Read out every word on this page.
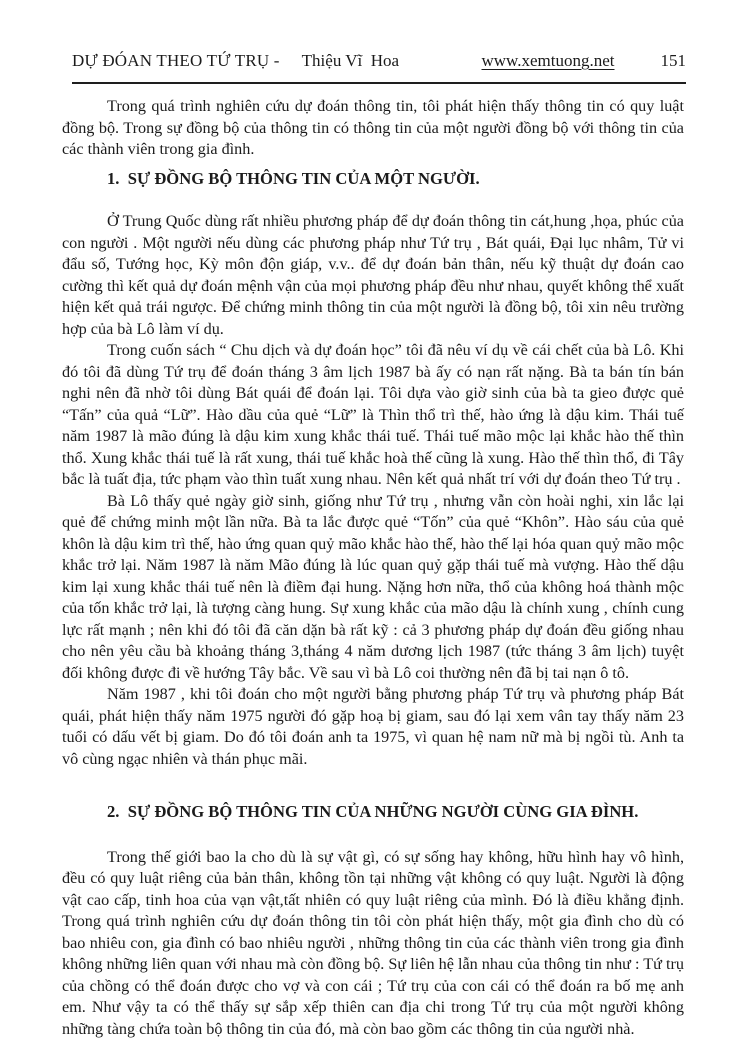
DỰ ĐÓAN THEO TỨ TRỤ - Thiệu Vĩ  Hoa	www.xemtuong.net	151

Trong quá trình nghiên cứu dự đoán thông tin, tôi phát hiện thấy thông tin có quy luật đồng bộ. Trong sự đồng bộ của thông tin có thông tin của một người đồng bộ với thông tin của các thành viên trong gia đình.

1.  SỰ ĐỒNG BỘ THÔNG TIN CỦA MỘT NGƯỜI.

Ở Trung Quốc dùng rất nhiều phương pháp để dự đoán thông tin cát,hung ,họa, phúc của con người . Một người nếu dùng các phương pháp như Tứ trụ , Bát quái, Đại lục nhâm, Tử vi đẩu số, Tướng học, Kỳ môn độn giáp, v.v.. để dự đoán bản thân, nếu kỹ thuật dự đoán cao cường thì kết quả dự đoán mệnh vận của mọi phương pháp đều như nhau, quyết không thể xuất hiện kết quả trái ngược. Để chứng minh thông tin của một người là đồng bộ, tôi xin nêu trường hợp của bà Lô làm ví dụ.

Trong cuốn sách “ Chu dịch và dự đoán học” tôi đã nêu ví dụ về cái chết của bà Lô. Khi đó tôi đã dùng Tứ trụ để đoán tháng 3 âm lịch 1987 bà ấy có nạn rất nặng. Bà ta bán tín bán nghi nên đã nhờ tôi dùng Bát quái để đoán lại. Tôi dựa vào giờ sinh của bà ta gieo được quẻ “Tấn” của quả “Lữ”. Hào dầu của quẻ “Lữ” là Thìn thổ trì thế, hào ứng là dậu kim. Thái tuế năm 1987 là mão đúng là dậu kim xung khắc thái tuế. Thái tuế mão mộc lại khắc hào thế thìn thổ. Xung khắc thái tuế là rất xung, thái tuế khắc hoà thế cũng là xung. Hào thế thìn thổ, đi Tây bắc là tuất địa, tức phạm vào thìn tuất xung nhau. Nên kết quả nhất trí với dự đoán theo Tứ trụ .

Bà Lô thấy quẻ ngày giờ sinh, giống như Tứ trụ , nhưng vẫn còn hoài nghi, xin lắc lại quẻ để chứng minh một lần nữa. Bà ta lắc được quẻ “Tốn” của quẻ “Khôn”. Hào sáu của quẻ khôn là dậu kim trì thế, hào ứng quan quỷ mão khắc hào thế, hào thế lại hóa quan quỷ mão mộc khắc trở lại. Năm 1987 là năm Mão đúng là lúc quan quỷ gặp thái tuế mà vượng. Hào thế dậu kim lại xung khắc thái tuế nên là điềm đại hung. Nặng hơn nữa, thổ của không hoá thành mộc của tốn khắc trở lại, là tượng càng hung. Sự xung khắc của mão dậu là chính xung , chính cung lực rất mạnh ; nên khi đó tôi đã căn dặn bà rất kỹ : cả 3 phương pháp dự đoán đều giống nhau cho nên yêu cầu bà khoảng tháng 3,tháng 4 năm dương lịch 1987 (tức tháng 3 âm lịch) tuyệt đối không được đi về hướng Tây bắc. Về sau vì bà Lô coi thường nên đã bị tai nạn ô tô.

Năm 1987 , khi tôi đoán cho một người bằng phương pháp Tứ trụ và phương pháp Bát quái, phát hiện thấy năm 1975 người đó gặp hoạ bị giam, sau đó lại xem vân tay thấy năm 23 tuổi có dấu vết bị giam. Do đó tôi đoán anh ta 1975, vì quan hệ nam nữ mà bị ngồi tù. Anh ta vô cùng ngạc nhiên và thán phục mãi.

2.  SỰ ĐỒNG BỘ THÔNG TIN CỦA NHỮNG NGƯỜI CÙNG GIA ĐÌNH.

Trong thế giới bao la cho dù là sự vật gì, có sự sống hay không, hữu hình hay vô hình, đều có quy luật riêng của bản thân, không tồn tại những vật không có quy luật. Người là động vật cao cấp, tinh hoa của vạn vật,tất nhiên có quy luật riêng của mình. Đó là điều khẳng định. Trong quá trình nghiên cứu dự đoán thông tin tôi còn phát hiện thấy, một gia đình cho dù có bao nhiêu con, gia đình có bao nhiêu người , những thông tin của các thành viên trong gia đình không những liên quan với nhau mà còn đồng bộ. Sự liên hệ lẫn nhau của thông tin như : Tứ trụ của chồng có thể đoán được cho vợ và con cái ; Tứ trụ của con cái có thể đoán ra bố mẹ anh em. Như vậy ta có thể thấy sự sắp xếp thiên can địa chi trong Tứ trụ của một người không những tàng chứa toàn bộ thông tin của đó, mà còn bao gồm các thông tin của người nhà.
